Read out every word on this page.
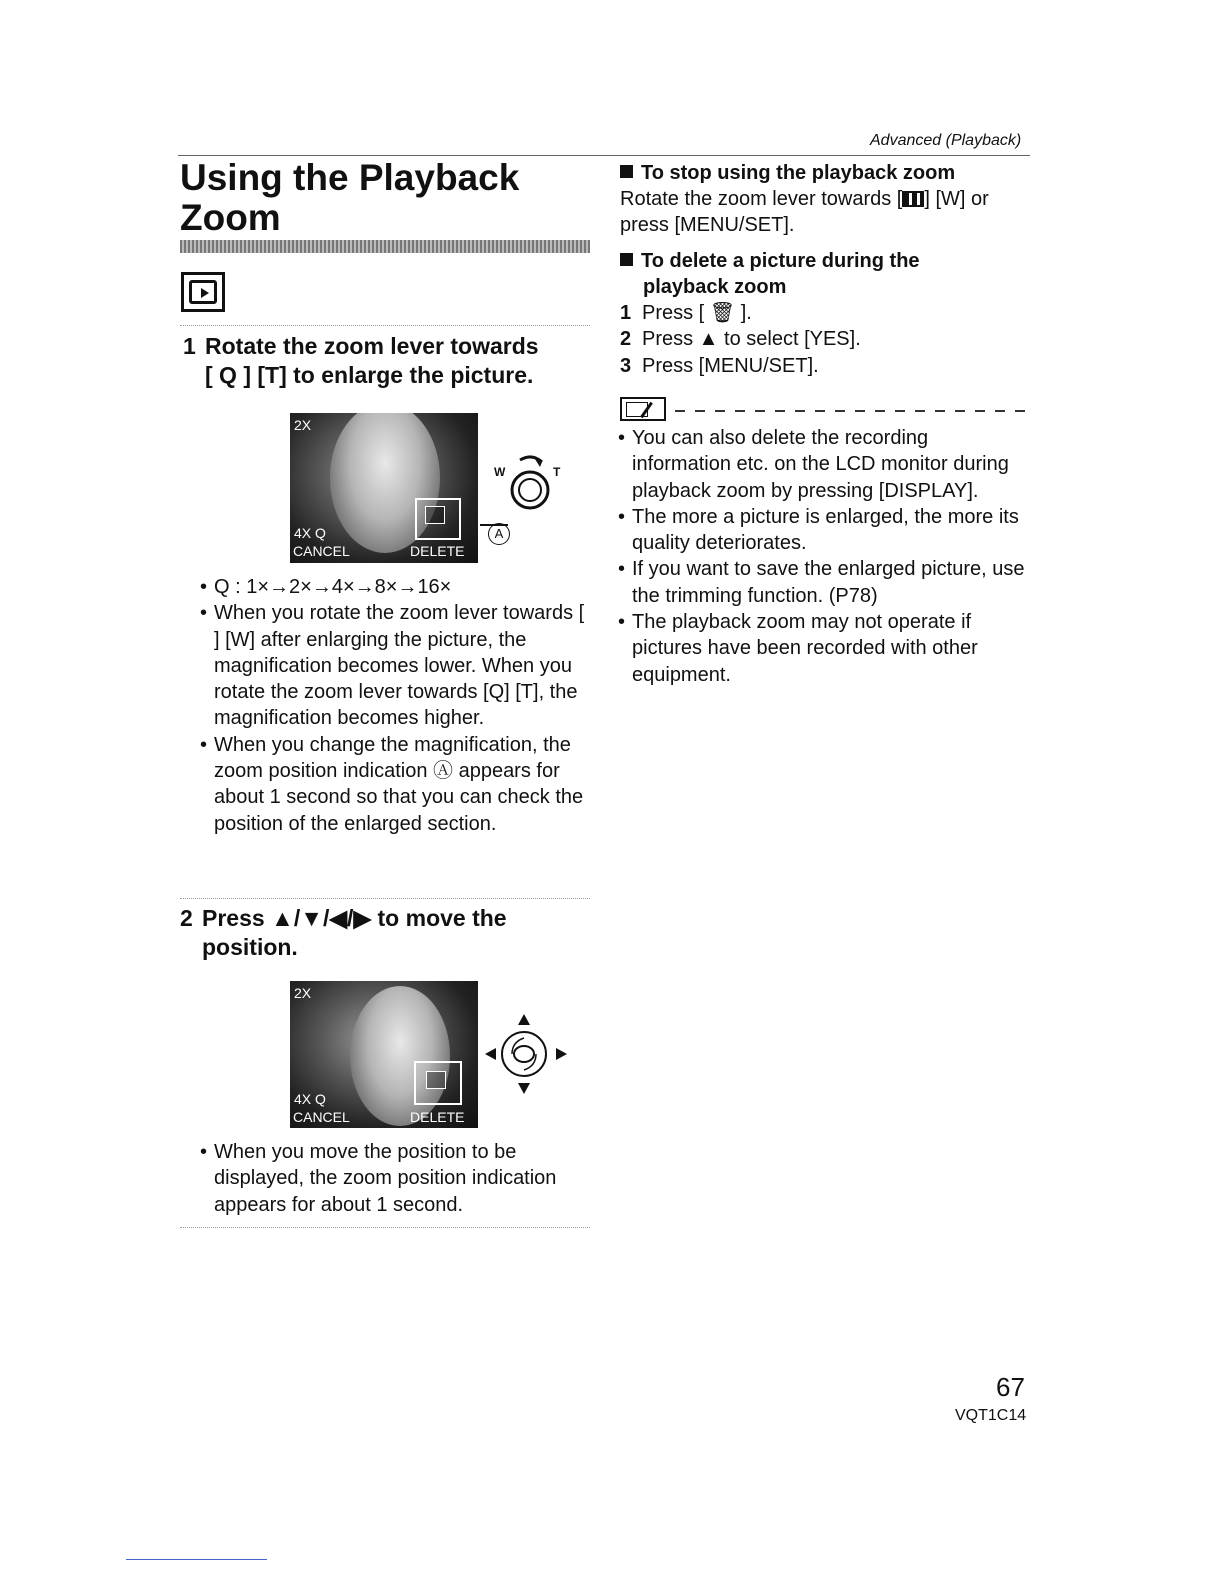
Advanced (Playback)
Using the Playback
Zoom
1 Rotate the zoom lever towards
[ Q ] [T] to enlarge the picture.
2X
4X Q
CANCEL	DELETE
W	T
A
• Q : 1×→2×→4×→8×→16×
• When you rotate the zoom lever towards [ ] [W] after enlarging the picture, the magnification becomes lower. When you rotate the zoom lever towards [Q] [T], the magnification becomes higher.
• When you change the magnification, the zoom position indication Ⓐ appears for about 1 second so that you can check the position of the enlarged section.
2 Press ▲/▼/◀/▶ to move the
position.
2X
4X Q
CANCEL	DELETE
• When you move the position to be displayed, the zoom position indication appears for about 1 second.
To stop using the playback zoom
Rotate the zoom lever towards [ ] [W] or press [MENU/SET].
To delete a picture during the
playback zoom
1 Press [ 🗑 ].
2 Press ▲ to select [YES].
3 Press [MENU/SET].
• You can also delete the recording information etc. on the LCD monitor during playback zoom by pressing [DISPLAY].
• The more a picture is enlarged, the more its quality deteriorates.
• If you want to save the enlarged picture, use the trimming function. (P78)
• The playback zoom may not operate if pictures have been recorded with other equipment.
67
VQT1C14
